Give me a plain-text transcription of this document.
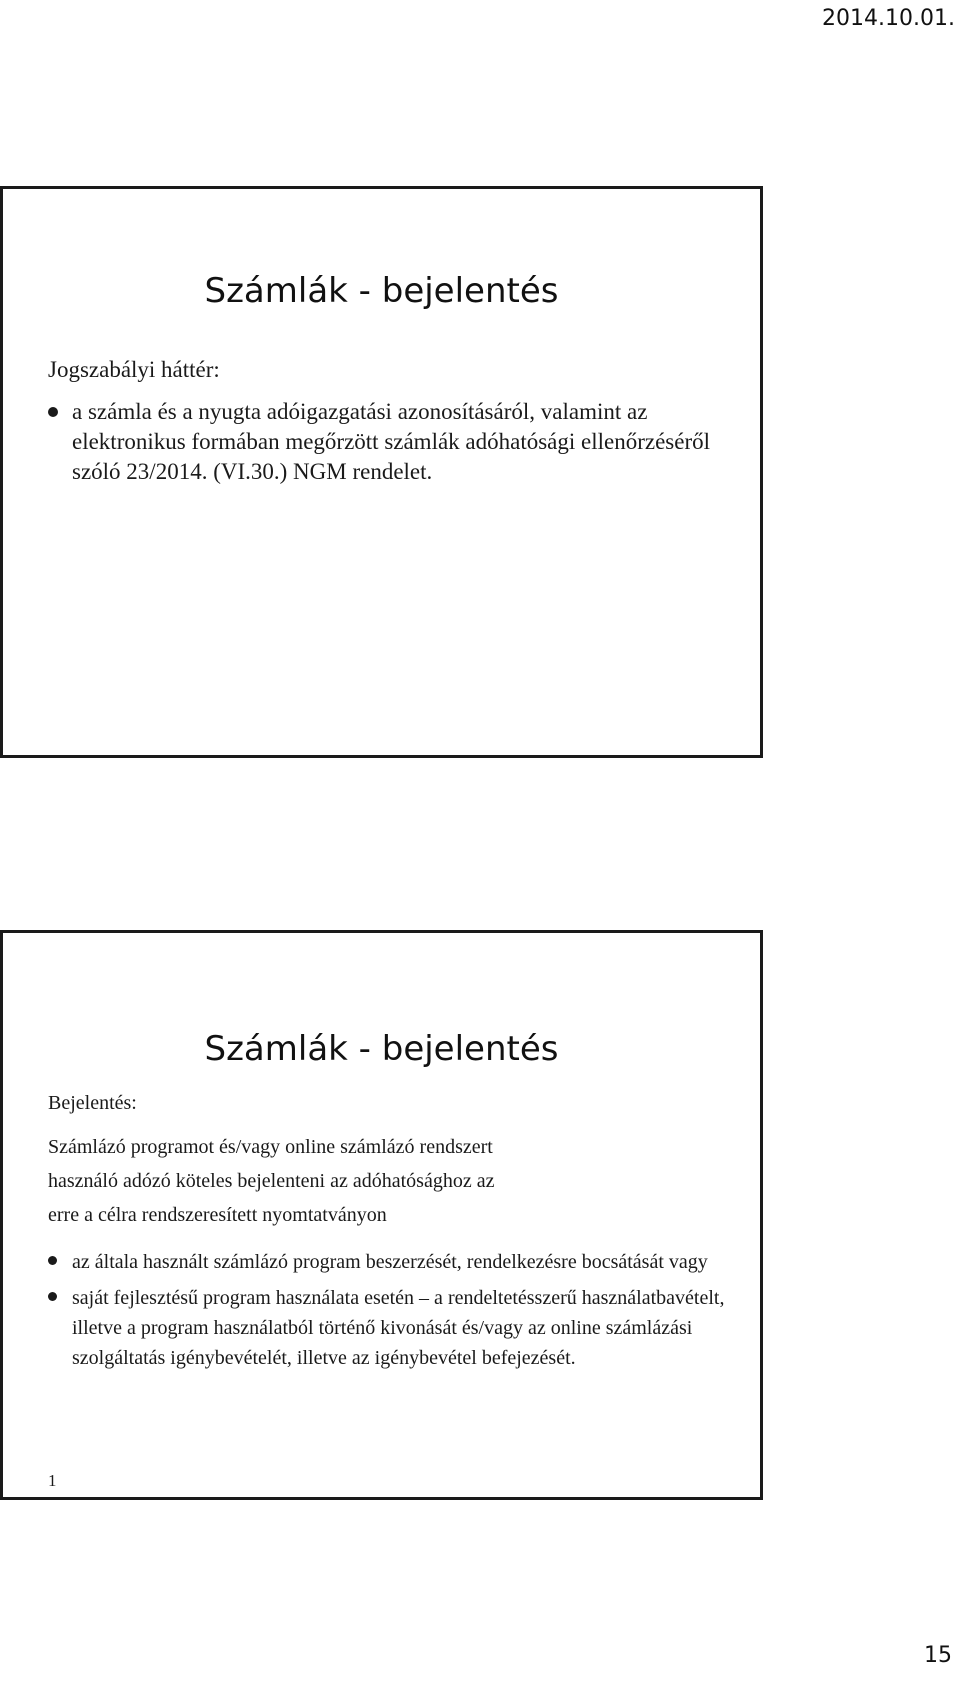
2014.10.01.
Számlák - bejelentés
Jogszabályi háttér:
a számla és a nyugta adóigazgatási azonosításáról, valamint az elektronikus formában megőrzött számlák adóhatósági ellenőrzéséről szóló 23/2014. (VI.30.) NGM rendelet.
Számlák - bejelentés
Bejelentés:
Számlázó programot és/vagy online számlázó rendszert
használó adózó köteles bejelenteni az adóhatósághoz az
erre a célra rendszeresített nyomtatványon
az általa használt számlázó program beszerzését, rendelkezésre bocsátását vagy
saját fejlesztésű program használata esetén – a rendeltetésszerű használatbavételt, illetve a program használatból történő kivonását és/vagy az online számlázási szolgáltatás igénybevételét, illetve az igénybevétel befejezését.
1
15
